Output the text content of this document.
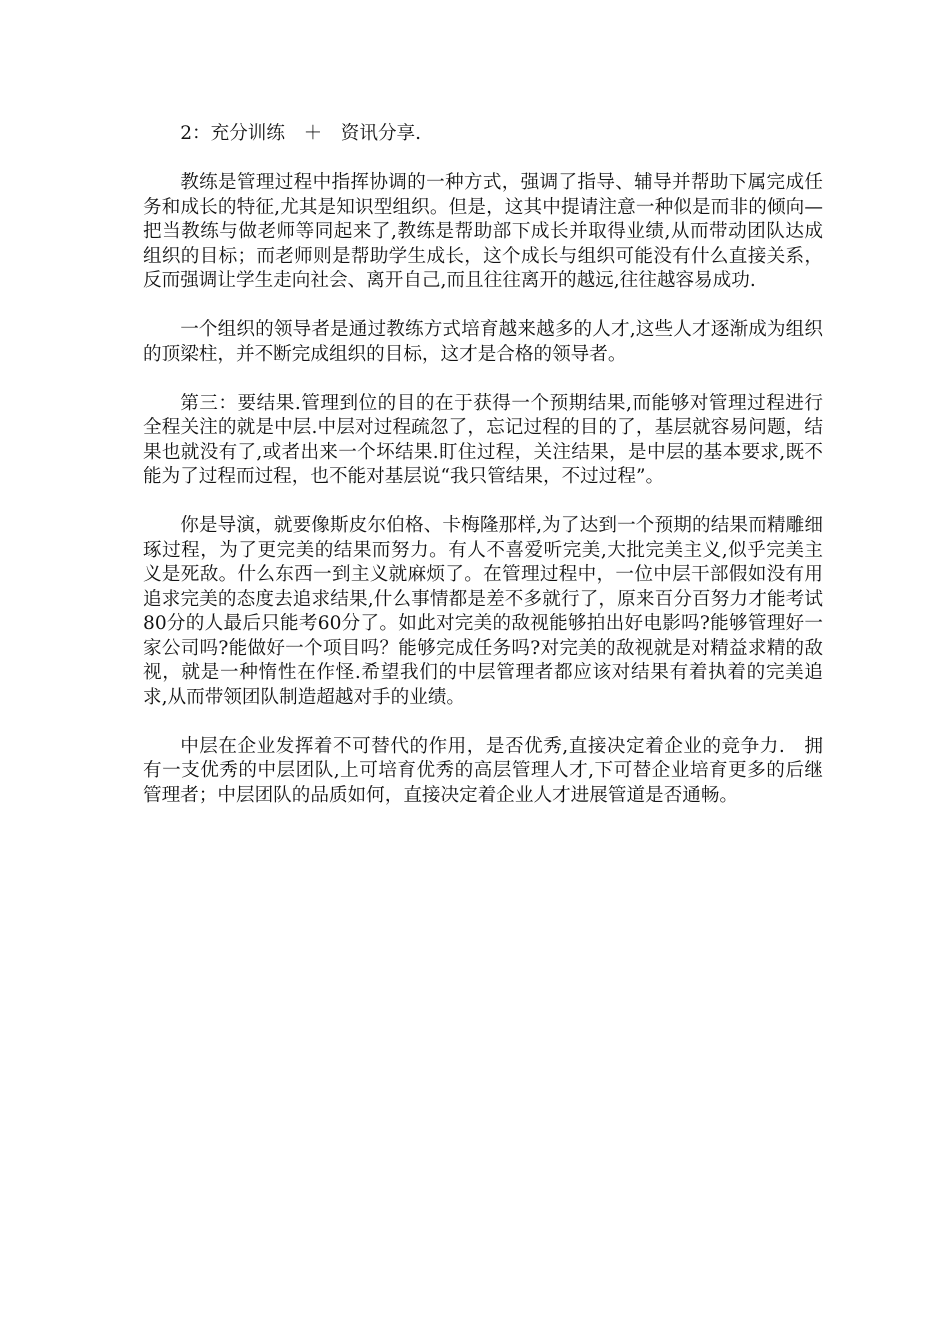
2：充分训练　＋　资讯分享.

教练是管理过程中指挥协调的一种方式，强调了指导、辅导并帮助下属完成任务和成长的特征,尤其是知识型组织。但是，这其中提请注意一种似是而非的倾向—把当教练与做老师等同起来了,教练是帮助部下成长并取得业绩,从而带动团队达成组织的目标；而老师则是帮助学生成长，这个成长与组织可能没有什么直接关系，反而强调让学生走向社会、离开自己,而且往往离开的越远,往往越容易成功.

一个组织的领导者是通过教练方式培育越来越多的人才,这些人才逐渐成为组织的顶梁柱，并不断完成组织的目标，这才是合格的领导者。

第三：要结果.管理到位的目的在于获得一个预期结果,而能够对管理过程进行全程关注的就是中层.中层对过程疏忽了，忘记过程的目的了，基层就容易问题，结果也就没有了,或者出来一个坏结果.盯住过程，关注结果，是中层的基本要求,既不能为了过程而过程，也不能对基层说“我只管结果，不过过程”。

你是导演，就要像斯皮尔伯格、卡梅隆那样,为了达到一个预期的结果而精雕细琢过程，为了更完美的结果而努力。有人不喜爱听完美,大批完美主义,似乎完美主义是死敌。什么东西一到主义就麻烦了。在管理过程中，一位中层干部假如没有用追求完美的态度去追求结果,什么事情都是差不多就行了，原来百分百努力才能考试80分的人最后只能考60分了。如此对完美的敌视能够拍出好电影吗?能够管理好一家公司吗?能做好一个项目吗？能够完成任务吗?对完美的敌视就是对精益求精的敌视，就是一种惰性在作怪.希望我们的中层管理者都应该对结果有着执着的完美追求,从而带领团队制造超越对手的业绩。

中层在企业发挥着不可替代的作用，是否优秀,直接决定着企业的竞争力.　拥有一支优秀的中层团队,上可培育优秀的高层管理人才,下可替企业培育更多的后继管理者；中层团队的品质如何，直接决定着企业人才进展管道是否通畅。
